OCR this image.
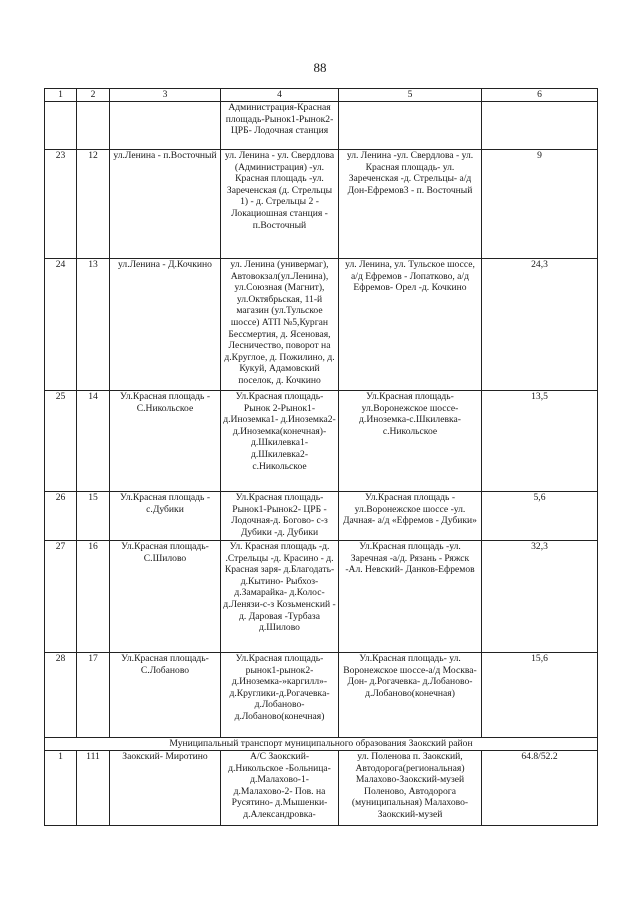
88
1	2	3	4	5	6
			Администрация-Красная площадь-Рынок1-Рынок2- ЦРБ- Лодочная станция		
23	12	ул.Ленина - п.Восточный	ул. Ленина - ул. Свердлова (Администрация) -ул. Красная площадь -ул. Зареченская (д. Стрельцы 1) - д. Стрельцы 2 - Локациошная станция - п.Восточный	ул. Ленина -ул. Свердлова - ул. Красная площадь- ул. Зареченская -д. Стрельцы- а/д Дон-Ефремов3 - п. Восточный	9
24	13	ул.Ленина - Д.Кочкино	ул. Ленина (универмаг), Автовокзал(ул.Ленина), ул.Союзная (Магнит), ул.Октябрьская, 11-й магазин (ул.Тульское шоссе) АТП №5,Курган Бессмертия, д. Ясеновая, Лесничество, поворот на д.Круглое, д. Пожилино, д. Кукуй, Адамовский поселок, д. Кочкино	ул. Ленина, ул. Тульское шоссе, а/д Ефремов - Лопатково, а/д Ефремов- Орел -д. Кочкино	24,3
25	14	Ул.Красная площадь - С.Никольское	Ул.Красная площадь- Рынок 2-Рынок1- д.Иноземка1- д.Иноземка2- д.Иноземка(конечная)- д.Шкилевка1- д.Шкилевка2- с.Никольское	Ул.Красная площадь- ул.Воронежское шоссе- д.Иноземка-с.Шкилевка- с.Никольское	13,5
26	15	Ул.Красная площадь - с.Дубики	Ул.Красная площадь- Рынок1-Рынок2- ЦРБ - Лодочная-д. Богово- с-з Дубики -д. Дубики	Ул.Красная площадь - ул.Воронежское шоссе -ул. Дачная- а/д «Ефремов - Дубики»	5,6
27	16	Ул.Красная площадь- С.Шилово	Ул. Красная площадь -д. .Стрельцы -д. Красино - д. Красная заря- д.Благодать-д.Кытино- Рыбхоз-д.Замарайка- д.Колос-д.Ленязи-с-з Козьменский - д. Даровая -Турбаза д.Шилово	Ул.Красная площадь -ул. Заречная -а/д. Рязань - Ряжск -Ал. Невский- Данков-Ефремов	32,3
28	17	Ул.Красная площадь- С.Лобаново	Ул.Красная площадь- рынок1-рынок2- д.Иноземка-»каргилл»- д.Круглики-д.Рогачевка- д.Лобаново- д.Лобаново(конечная)	Ул.Красная площадь- ул. Воронежское шоссе-а/д Москва-Дон- д.Рогачевка- д.Лобаново- д.Лобаново(конечная)	15,6
Муниципальный транспорт муниципального образования Заокский район					
1	111	Заокский- Миротино	А/С Заокский- д.Никольское -Больница- д.Малахово-1- д.Малахово-2- Пов. на Русятино- д.Мышенки- д.Александровка-	ул. Поленова п. Заокский, Автодорога(региональная) Малахово-Заокский-музей Поленово, Автодорога (муниципальная) Малахово-Заокский-музей	64.8/52.2
